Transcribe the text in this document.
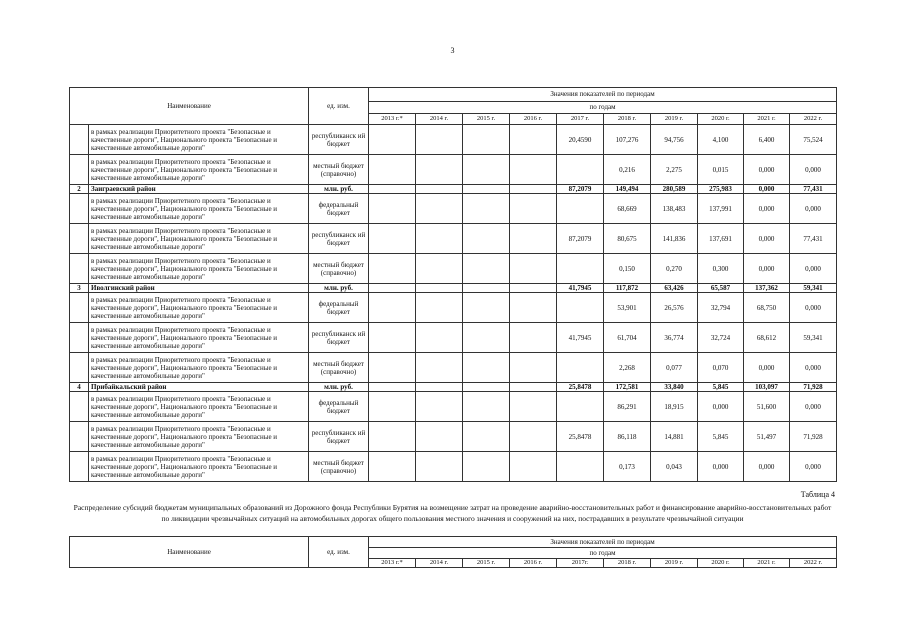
3
Наименование		ед. изм.	Значения показателей по периодам									
			по годам									
			2013 г.*	2014 г.	2015 г.	2016 г.	2017 г.	2018 г.	2019 г.	2020 г.	2021 г.	2022 г.
	в рамках реализации Приоритетного проекта "Безопасные и качественные дороги", Национального проекта "Безопасные и качественные автомобильные дороги"	республиканск ий бюджет					20,4590	107,276	94,756	4,100	6,400	75,524
	в рамках реализации Приоритетного проекта "Безопасные и качественные дороги", Национального проекта "Безопасные и качественные автомобильные дороги"	местный бюджет (справочно)						0,216	2,275	0,015	0,000	0,000
2	Заиграевский район	млн. руб.					87,2079	149,494	280,589	275,983	0,000	77,431
	в рамках реализации Приоритетного проекта "Безопасные и качественные дороги", Национального проекта "Безопасные и качественные автомобильные дороги"	федеральный бюджет						68,669	138,483	137,991	0,000	0,000
	в рамках реализации Приоритетного проекта "Безопасные и качественные дороги", Национального проекта "Безопасные и качественные автомобильные дороги"	республиканск ий бюджет					87,2079	80,675	141,836	137,691	0,000	77,431
	в рамках реализации Приоритетного проекта "Безопасные и качественные дороги", Национального проекта "Безопасные и качественные автомобильные дороги"	местный бюджет (справочно)						0,150	0,270	0,300	0,000	0,000
3	Иволгинский район	млн. руб.					41,7945	117,872	63,426	65,587	137,362	59,341
	в рамках реализации Приоритетного проекта "Безопасные и качественные дороги", Национального проекта "Безопасные и качественные автомобильные дороги"	федеральный бюджет						53,901	26,576	32,794	68,750	0,000
	в рамках реализации Приоритетного проекта "Безопасные и качественные дороги", Национального проекта "Безопасные и качественные автомобильные дороги"	республиканск ий бюджет					41,7945	61,704	36,774	32,724	68,612	59,341
	в рамках реализации Приоритетного проекта "Безопасные и качественные дороги", Национального проекта "Безопасные и качественные автомобильные дороги"	местный бюджет (справочно)						2,268	0,077	0,070	0,000	0,000
4	Прибайкальский район	млн. руб.					25,8478	172,581	33,840	5,845	103,097	71,928
	в рамках реализации Приоритетного проекта "Безопасные и качественные дороги", Национального проекта "Безопасные и качественные автомобильные дороги"	федеральный бюджет						86,291	18,915	0,000	51,600	0,000
	в рамках реализации Приоритетного проекта "Безопасные и качественные дороги", Национального проекта "Безопасные и качественные автомобильные дороги"	республиканск ий бюджет					25,8478	86,118	14,881	5,845	51,497	71,928
	в рамках реализации Приоритетного проекта "Безопасные и качественные дороги", Национального проекта "Безопасные и качественные автомобильные дороги"	местный бюджет (справочно)						0,173	0,043	0,000	0,000	0,000
Таблица 4
Распределение субсидий бюджетам муниципальных образований из Дорожного фонда Республики Бурятия на возмещение затрат на проведение аварийно-восстановительных работ и финансирование аварийно-восстановительных работ по ликвидации чрезвычайных ситуаций на автомобильных дорогах общего пользования местного значения и сооружений на них, пострадавших в результате чрезвычайной ситуации
Наименование	ед. изм.	Значения показателей по периодам									
		по годам									
		2013 г.*	2014 г.	2015 г.	2016 г.	2017г.	2018 г.	2019 г.	2020 г.	2021 г.	2022 г.
